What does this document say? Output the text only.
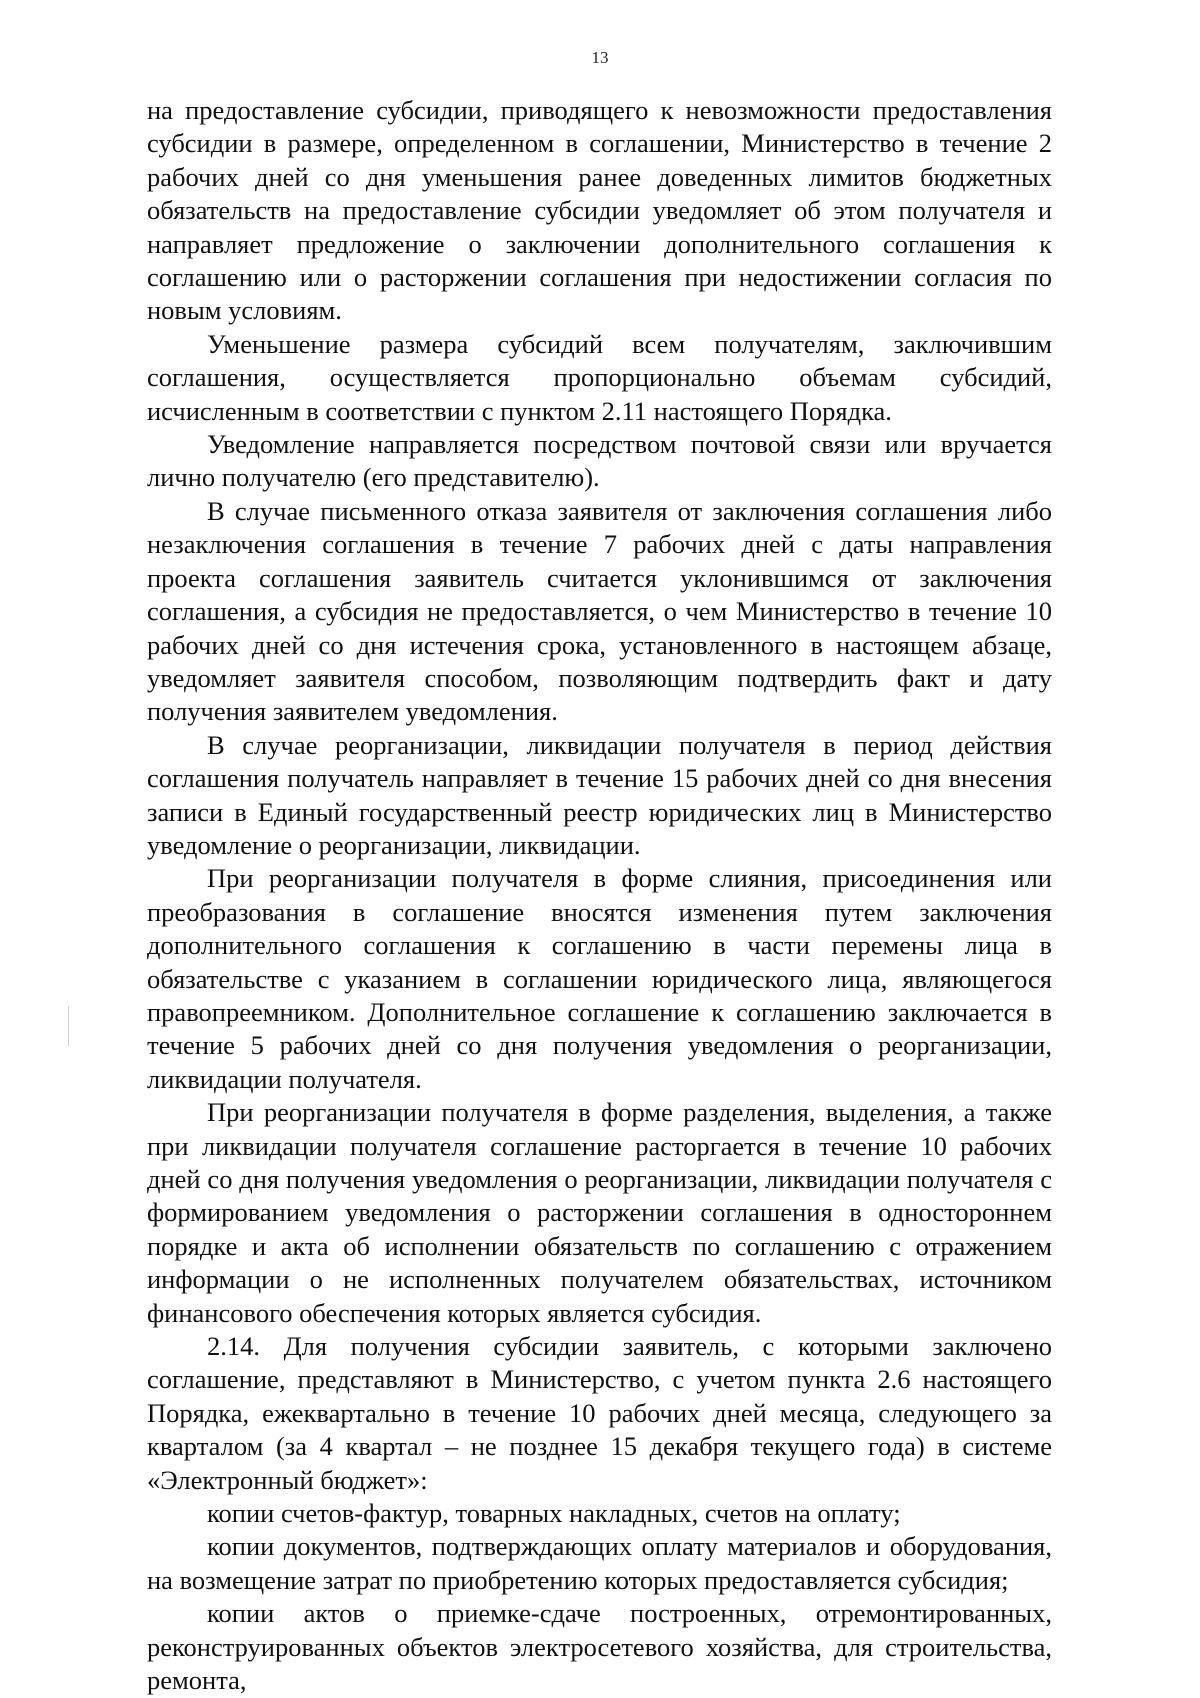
13

на предоставление субсидии, приводящего к невозможности предоставления субсидии в размере, определенном в соглашении, Министерство в течение 2 рабочих дней со дня уменьшения ранее доведенных лимитов бюджетных обязательств на предоставление субсидии уведомляет об этом получателя и направляет предложение о заключении дополнительного соглашения к соглашению или о расторжении соглашения при недостижении согласия по новым условиям.

Уменьшение размера субсидий всем получателям, заключившим соглашения, осуществляется пропорционально объемам субсидий, исчисленным в соответствии с пунктом 2.11 настоящего Порядка.

Уведомление направляется посредством почтовой связи или вручается лично получателю (его представителю).

В случае письменного отказа заявителя от заключения соглашения либо незаключения соглашения в течение 7 рабочих дней с даты направления проекта соглашения заявитель считается уклонившимся от заключения соглашения, а субсидия не предоставляется, о чем Министерство в течение 10 рабочих дней со дня истечения срока, установленного в настоящем абзаце, уведомляет заявителя способом, позволяющим подтвердить факт и дату получения заявителем уведомления.

В случае реорганизации, ликвидации получателя в период действия соглашения получатель направляет в течение 15 рабочих дней со дня внесения записи в Единый государственный реестр юридических лиц в Министерство уведомление о реорганизации, ликвидации.

При реорганизации получателя в форме слияния, присоединения или преобразования в соглашение вносятся изменения путем заключения дополнительного соглашения к соглашению в части перемены лица в обязательстве с указанием в соглашении юридического лица, являющегося правопреемником. Дополнительное соглашение к соглашению заключается в течение 5 рабочих дней со дня получения уведомления о реорганизации, ликвидации получателя.

При реорганизации получателя в форме разделения, выделения, а также при ликвидации получателя соглашение расторгается в течение 10 рабочих дней со дня получения уведомления о реорганизации, ликвидации получателя с формированием уведомления о расторжении соглашения в одностороннем порядке и акта об исполнении обязательств по соглашению с отражением информации о не исполненных получателем обязательствах, источником финансового обеспечения которых является субсидия.

2.14. Для получения субсидии заявитель, с которыми заключено соглашение, представляют в Министерство, с учетом пункта 2.6 настоящего Порядка, ежеквартально в течение 10 рабочих дней месяца, следующего за кварталом (за 4 квартал – не позднее 15 декабря текущего года) в системе «Электронный бюджет»:

копии счетов-фактур, товарных накладных, счетов на оплату;

копии документов, подтверждающих оплату материалов и оборудования, на возмещение затрат по приобретению которых предоставляется субсидия;

копии актов о приемке-сдаче построенных, отремонтированных, реконструированных объектов электросетевого хозяйства, для строительства, ремонта,
